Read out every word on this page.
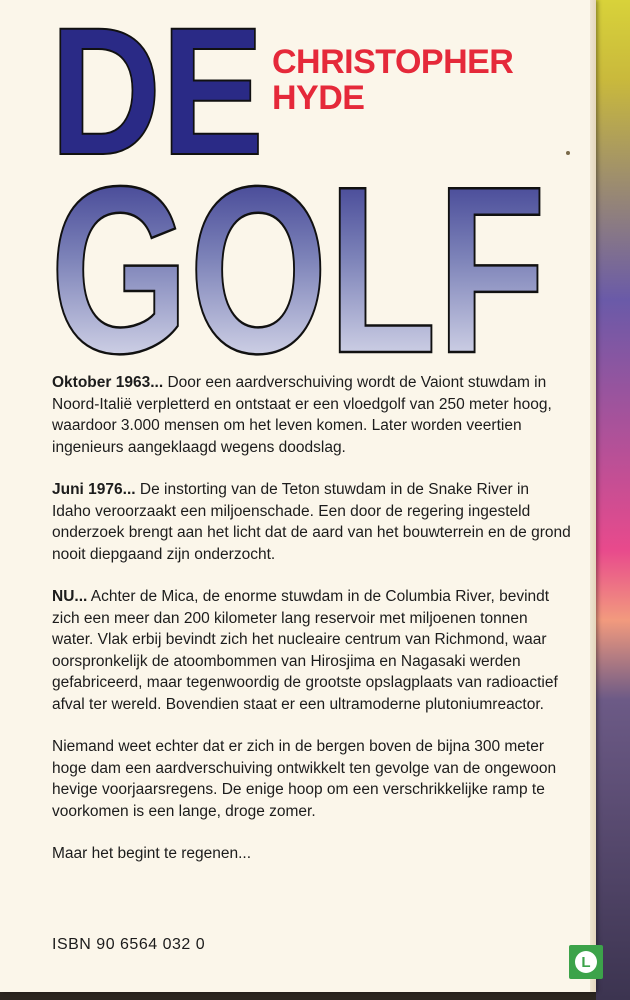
DE CHRISTOPHER
HYDE
GOLF

Oktober 1963... Door een aardverschuiving wordt de Vaiont stuwdam in Noord-Italië verpletterd en ontstaat er een vloedgolf van 250 meter hoog, waardoor 3.000 mensen om het leven komen. Later worden veertien ingenieurs aangeklaagd wegens doodslag.

Juni 1976... De instorting van de Teton stuwdam in de Snake River in Idaho veroorzaakt een miljoenschade. Een door de regering ingesteld onderzoek brengt aan het licht dat de aard van het bouwterrein en de grond nooit diepgaand zijn onderzocht.

NU... Achter de Mica, de enorme stuwdam in de Columbia River, bevindt zich een meer dan 200 kilometer lang reservoir met miljoenen tonnen water. Vlak erbij bevindt zich het nucleaire centrum van Richmond, waar oorspronkelijk de atoombommen van Hirosjima en Nagasaki werden gefabriceerd, maar tegenwoordig de grootste opslagplaats van radioactief afval ter wereld. Bovendien staat er een ultramoderne plutoniumreactor.

Niemand weet echter dat er zich in de bergen boven de bijna 300 meter hoge dam een aardverschuiving ontwikkelt ten gevolge van de ongewoon hevige voorjaarsregens. De enige hoop om een verschrikkelijke ramp te voorkomen is een lange, droge zomer.

Maar het begint te regenen...

ISBN 90 6564 032 0
L
